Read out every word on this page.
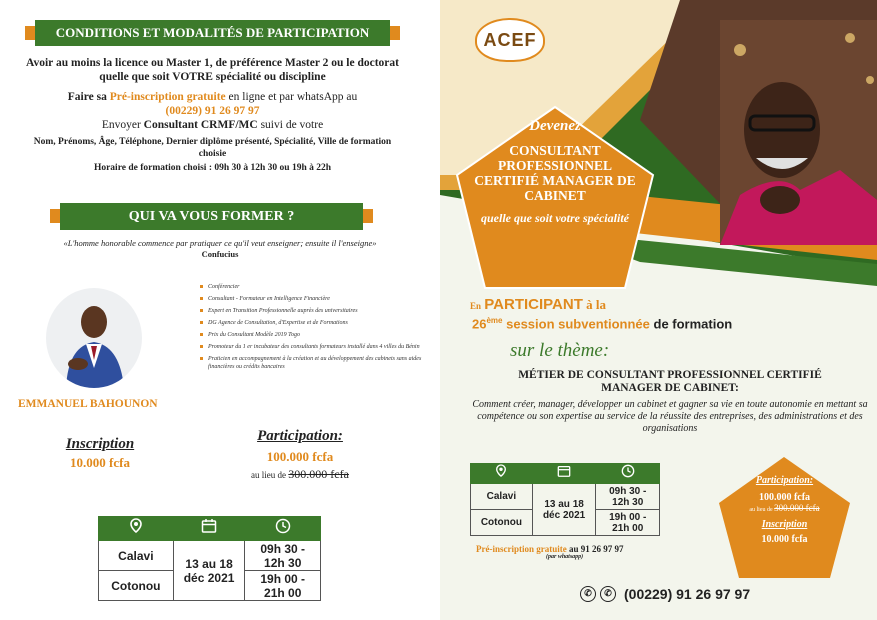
CONDITIONS ET MODALITÉS DE PARTICIPATION
Avoir au moins la licence ou Master 1, de préférence Master 2 ou le doctorat quelle que soit VOTRE spécialité ou discipline
Faire sa Pré-inscription gratuite en ligne et par whatsApp au
(00229) 91 26 97 97
Envoyer Consultant CRMF/MC suivi de votre
Nom, Prénoms, Âge, Téléphone, Dernier diplôme présenté, Spécialité, Ville de formation choisie
Horaire de formation choisi : 09h 30 à 12h 30 ou 19h à 22h
QUI VA VOUS FORMER ?
«L'homme honorable commence par pratiquer ce qu'il veut enseigner; ensuite il l'enseigne»
Confucius
EMMANUEL BAHOUNON
Conférencier
Consultant - Formateur en Intelligence Financière
Expert en Transition Professionnelle auprès des universitaires
DG Agence de Consultation, d'Expertise et de Formations
Prix du Consultant Modèle 2019 Togo
Promoteur du 1 er incubateur des consultants formateurs installé dans 4 villes du Bénin
Praticien en accompagnement à la création et au développement des cabinets sans aides financières ou crédits bancaires
Inscription
10.000 fcfa
Participation:
100.000 fcfa
au lieu de 300.000 fcfa

Calavi	13 au 18 déc 2021	09h 30 - 12h 30
Cotonou		19h 00 - 21h 00
ACEF
Devenez
CONSULTANT PROFESSIONNEL CERTIFIÉ MANAGER DE CABINET
quelle que soit votre spécialité
En PARTICIPANT à la
26ème session subventionnée de formation
sur le thème:
MÉTIER DE CONSULTANT PROFESSIONNEL CERTIFIÉ MANAGER DE CABINET:
Comment créer, manager, développer un cabinet et gagner sa vie en toute autonomie en mettant sa compétence ou son expertise au service de la réussite des entreprises, des administrations et des organisations

Calavi	13 au 18 déc 2021	09h 30 - 12h 30
Cotonou		19h 00 - 21h 00
Pré-inscription gratuite au 91 26 97 97
(par whatsapp)
Participation:
100.000 fcfa
au lieu de 300.000 fcfa
Inscription
10.000 fcfa
✆	✆ (00229) 91 26 97 97
